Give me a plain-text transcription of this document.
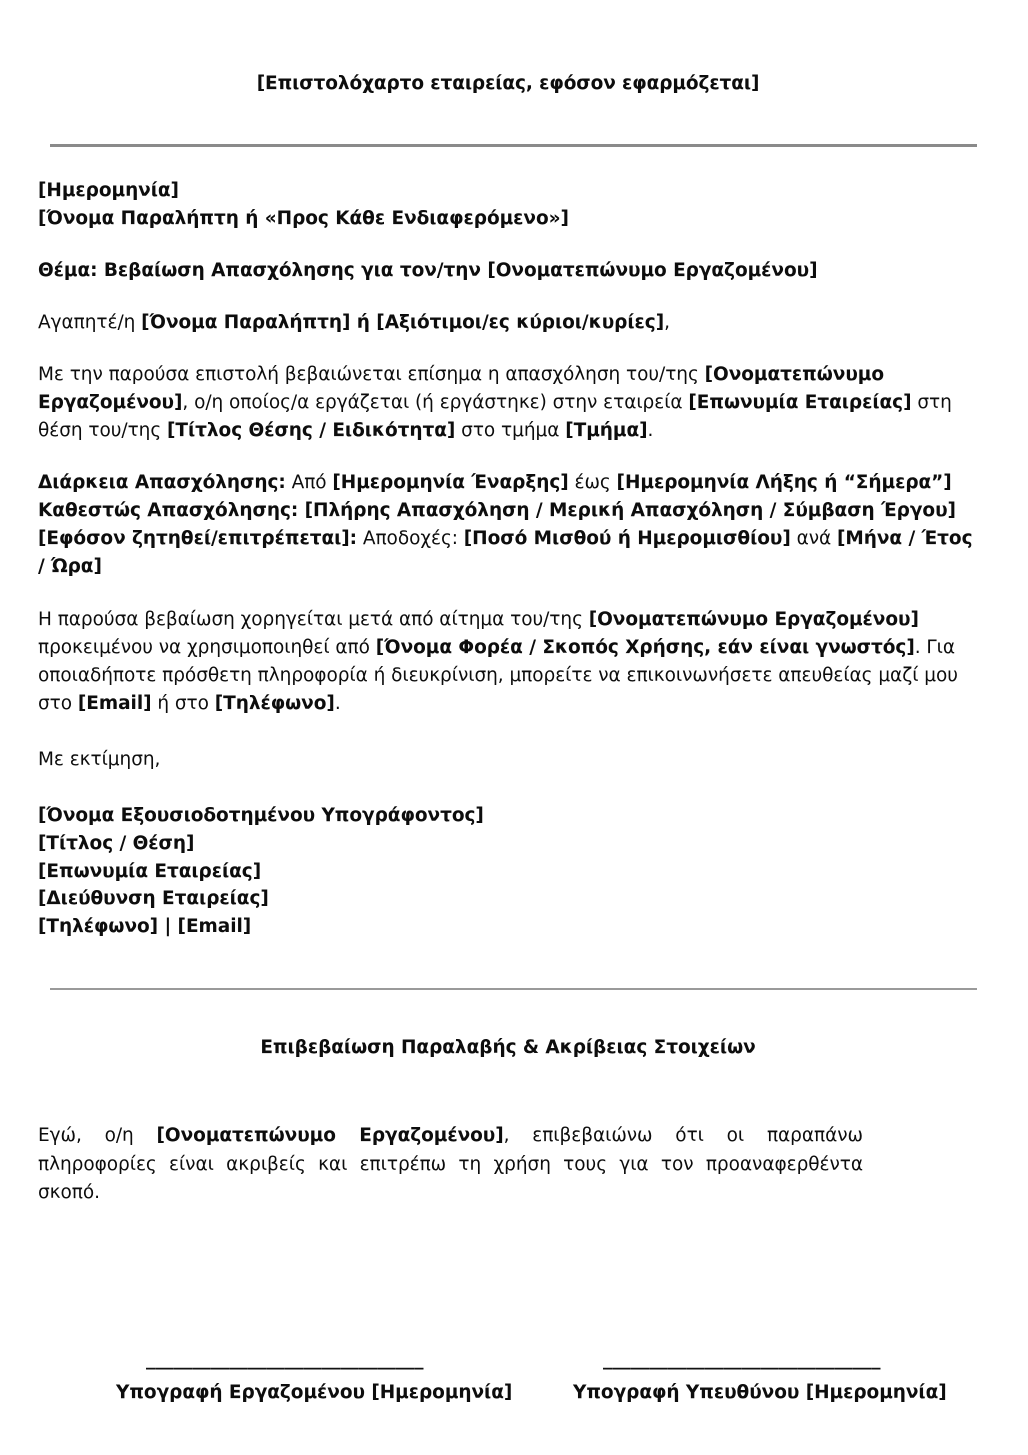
[Επιστολόχαρτο εταιρείας, εφόσον εφαρμόζεται]

[Ημερομηνία]

[Όνομα Παραλήπτη ή «Προς Κάθε Ενδιαφερόμενο»]

Θέμα: Βεβαίωση Απασχόλησης για τον/την [Ονοματεπώνυμο Εργαζομένου]

Αγαπητέ/η [Όνομα Παραλήπτη] ή [Αξιότιμοι/ες κύριοι/κυρίες],

Με την παρούσα επιστολή βεβαιώνεται επίσημα η απασχόληση του/της [Ονοματεπώνυμο Εργαζομένου], ο/η οποίος/α εργάζεται (ή εργάστηκε) στην εταιρεία [Επωνυμία Εταιρείας] στη θέση του/της [Τίτλος Θέσης / Ειδικότητα] στο τμήμα [Τμήμα].

Διάρκεια Απασχόλησης: Από [Ημερομηνία Έναρξης] έως [Ημερομηνία Λήξης ή “Σήμερα”]
Καθεστώς Απασχόλησης: [Πλήρης Απασχόληση / Μερική Απασχόληση / Σύμβαση Έργου]
[Εφόσον ζητηθεί/επιτρέπεται]: Αποδοχές: [Ποσό Μισθού ή Ημερομισθίου] ανά [Μήνα / Έτος / Ώρα]

Η παρούσα βεβαίωση χορηγείται μετά από αίτημα του/της [Ονοματεπώνυμο Εργαζομένου] προκειμένου να χρησιμοποιηθεί από [Όνομα Φορέα / Σκοπός Χρήσης, εάν είναι γνωστός]. Για οποιαδήποτε πρόσθετη πληροφορία ή διευκρίνιση, μπορείτε να επικοινωνήσετε απευθείας μαζί μου στο [Email] ή στο [Τηλέφωνο].

Με εκτίμηση,

[Όνομα Εξουσιοδοτημένου Υπογράφοντος]

[Τίτλος / Θέση]

[Επωνυμία Εταιρείας]

[Διεύθυνση Εταιρείας]

[Τηλέφωνο] | [Email]

Επιβεβαίωση Παραλαβής & Ακρίβειας Στοιχείων

Εγώ, ο/η [Ονοματεπώνυμο Εργαζομένου], επιβεβαιώνω ότι οι παραπάνω πληροφορίες είναι ακριβείς και επιτρέπω τη χρήση τους για τον προαναφερθέντα σκοπό.

______________________________
Υπογραφή Εργαζομένου [Ημερομηνία]
______________________________
Υπογραφή Υπευθύνου [Ημερομηνία]
